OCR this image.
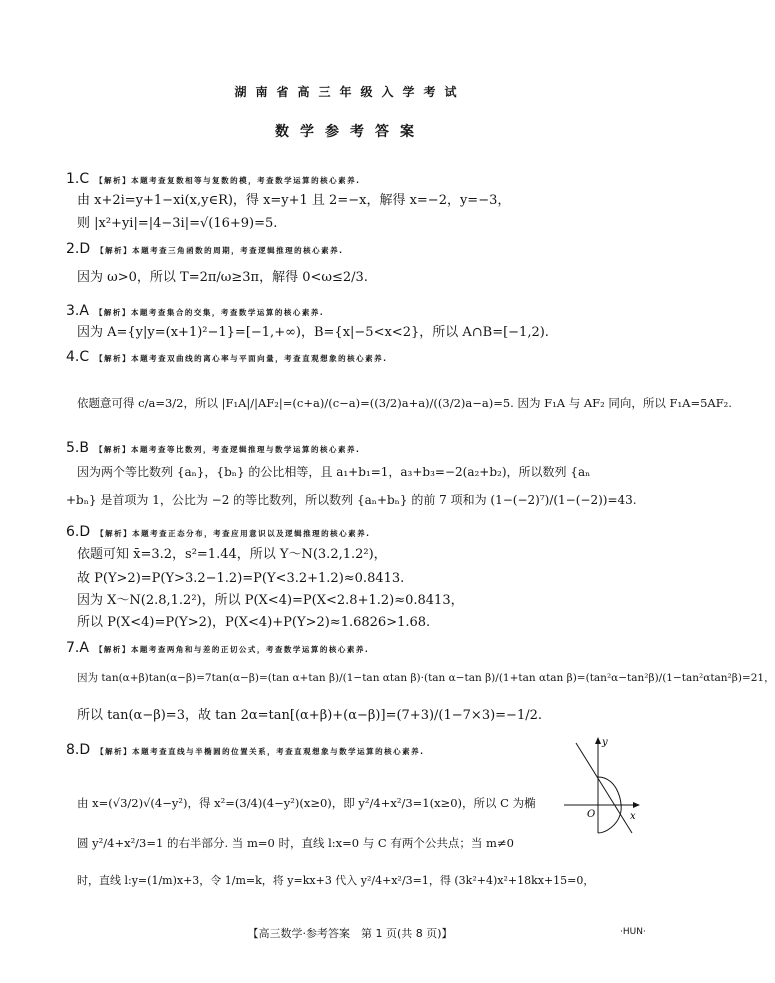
湖南省高三年级入学考试
数学参考答案
1.C 【解析】本题考查复数相等与复数的模，考查数学运算的核心素养.
由 x+2i=y+1−xi(x,y∈R)，得 x=y+1 且 2=−x，解得 x=−2，y=−3，
则 |x²+yi|=|4−3i|=√(16+9)=5.
2.D 【解析】本题考查三角函数的周期，考查逻辑推理的核心素养.
因为 ω>0，所以 T=2π/ω≥3π，解得 0<ω≤2/3.
3.A 【解析】本题考查集合的交集，考查数学运算的核心素养.
因为 A={y|y=(x+1)²−1}=[−1,+∞)，B={x|−5<x<2}，所以 A∩B=[−1,2).
4.C 【解析】本题考查双曲线的离心率与平面向量，考查直观想象的核心素养.
依题意可得 c/a=3/2，所以 |F₁A|/|AF₂|=(c+a)/(c−a)=((3/2)a+a)/((3/2)a−a)=5. 因为 F₁A 与 AF₂ 同向，所以 F₁A=5AF₂.
5.B 【解析】本题考查等比数列，考查逻辑推理与数学运算的核心素养.
因为两个等比数列 {aₙ}，{bₙ} 的公比相等，且 a₁+b₁=1，a₃+b₃=−2(a₂+b₂)，所以数列 {aₙ
+bₙ} 是首项为 1，公比为 −2 的等比数列，所以数列 {aₙ+bₙ} 的前 7 项和为 (1−(−2)⁷)/(1−(−2))=43.
6.D 【解析】本题考查正态分布，考查应用意识以及逻辑推理的核心素养.
依题可知 x̄=3.2，s²=1.44，所以 Y～N(3.2,1.2²)，
故 P(Y>2)=P(Y>3.2−1.2)=P(Y<3.2+1.2)≈0.8413.
因为 X～N(2.8,1.2²)，所以 P(X<4)=P(X<2.8+1.2)≈0.8413，
所以 P(X<4)=P(Y>2)，P(X<4)+P(Y>2)≈1.6826>1.68.
7.A 【解析】本题考查两角和与差的正切公式，考查数学运算的核心素养.
因为 tan(α+β)tan(α−β)=7tan(α−β)=(tan α+tan β)/(1−tan αtan β)·(tan α−tan β)/(1+tan αtan β)=(tan²α−tan²β)/(1−tan²αtan²β)=21，
所以 tan(α−β)=3，故 tan 2α=tan[(α+β)+(α−β)]=(7+3)/(1−7×3)=−1/2.
8.D 【解析】本题考查直线与半椭圆的位置关系，考查直观想象与数学运算的核心素养.
由 x=(√3/2)√(4−y²)，得 x²=(3/4)(4−y²)(x≥0)，即 y²/4+x²/3=1(x≥0)，所以 C 为椭
圆 y²/4+x²/3=1 的右半部分. 当 m=0 时，直线 l:x=0 与 C 有两个公共点；当 m≠0
时，直线 l:y=(1/m)x+3，令 1/m=k，将 y=kx+3 代入 y²/4+x²/3=1，得 (3k²+4)x²+18kx+15=0，
y
x
O
【高三数学·参考答案　第 1 页(共 8 页)】	·HUN·
